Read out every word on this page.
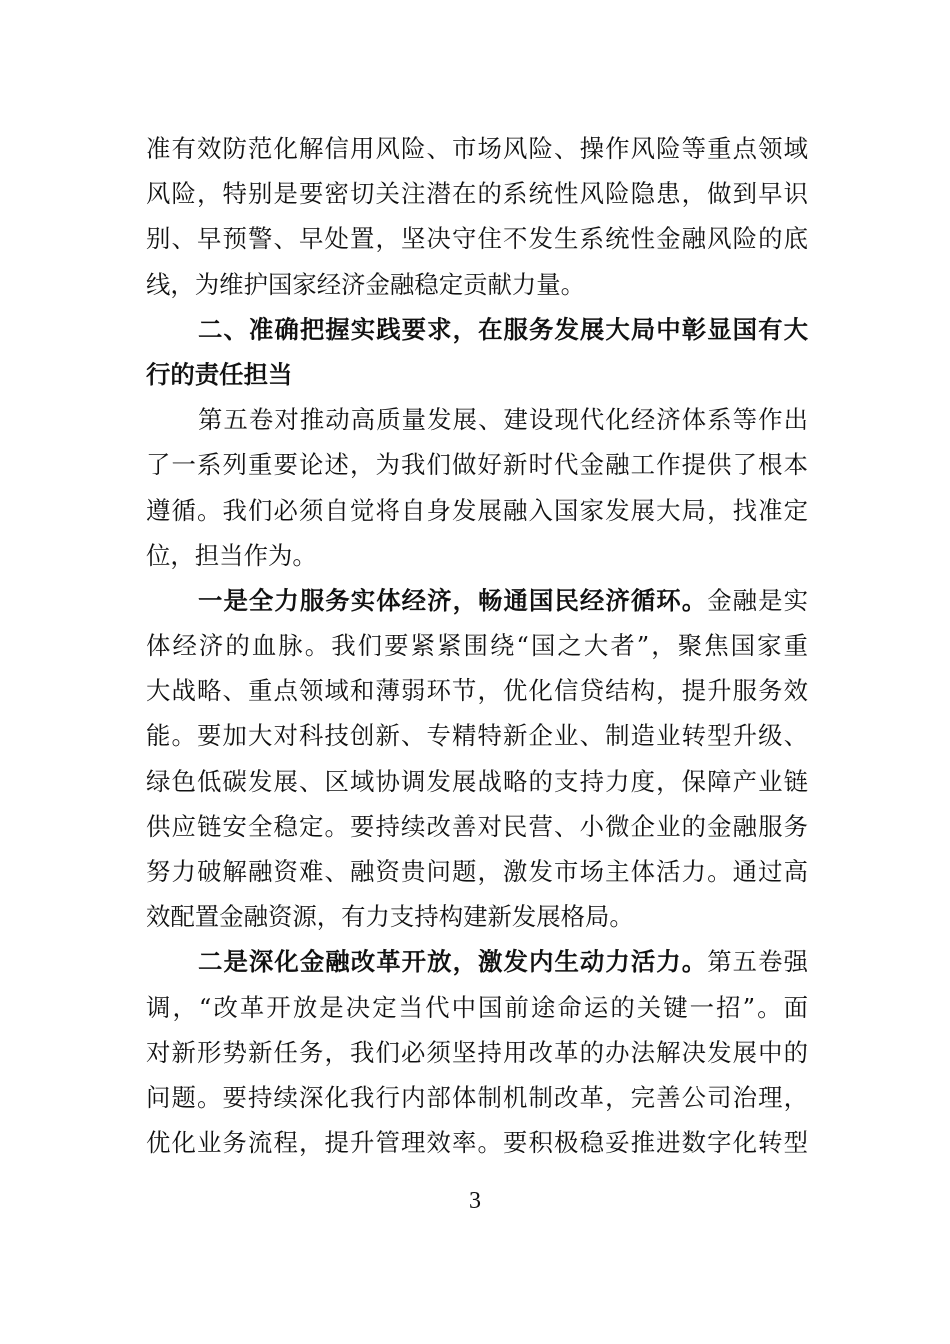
准有效防范化解信用风险、市场风险、操作风险等重点领域
风险，特别是要密切关注潜在的系统性风险隐患，做到早识
别、早预警、早处置，坚决守住不发生系统性金融风险的底
线，为维护国家经济金融稳定贡献力量。
二、准确把握实践要求，在服务发展大局中彰显国有大
行的责任担当
第五卷对推动高质量发展、建设现代化经济体系等作出
了一系列重要论述，为我们做好新时代金融工作提供了根本
遵循。我们必须自觉将自身发展融入国家发展大局，找准定
位，担当作为。
一是全力服务实体经济，畅通国民经济循环。金融是实
体经济的血脉。我们要紧紧围绕“国之大者”，聚焦国家重
大战略、重点领域和薄弱环节，优化信贷结构，提升服务效
能。要加大对科技创新、专精特新企业、制造业转型升级、
绿色低碳发展、区域协调发展战略的支持力度，保障产业链
供应链安全稳定。要持续改善对民营、小微企业的金融服务
努力破解融资难、融资贵问题，激发市场主体活力。通过高
效配置金融资源，有力支持构建新发展格局。
二是深化金融改革开放，激发内生动力活力。第五卷强
调，“改革开放是决定当代中国前途命运的关键一招”。面
对新形势新任务，我们必须坚持用改革的办法解决发展中的
问题。要持续深化我行内部体制机制改革，完善公司治理，
优化业务流程，提升管理效率。要积极稳妥推进数字化转型
3
